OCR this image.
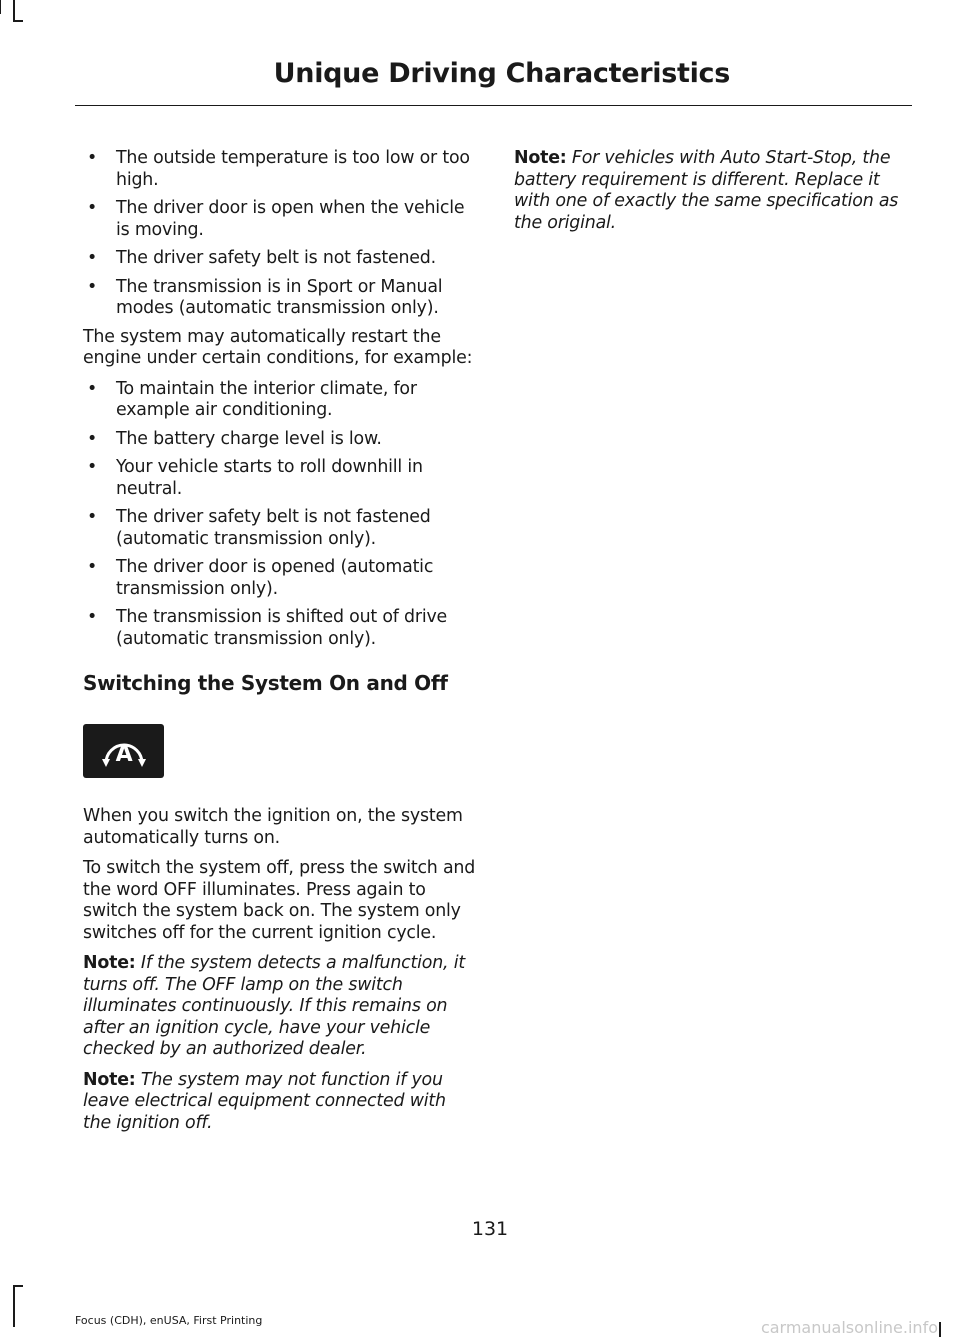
Unique Driving Characteristics
• The outside temperature is too low or too high.
• The driver door is open when the vehicle is moving.
• The driver safety belt is not fastened.
• The transmission is in Sport or Manual modes (automatic transmission only).

The system may automatically restart the engine under certain conditions, for example:

• To maintain the interior climate, for example air conditioning.
• The battery charge level is low.
• Your vehicle starts to roll downhill in neutral.
• The driver safety belt is not fastened (automatic transmission only).
• The driver door is opened (automatic transmission only).
• The transmission is shifted out of drive (automatic transmission only).
Switching the System On and Off
A

When you switch the ignition on, the system automatically turns on.

To switch the system off, press the switch and the word OFF illuminates. Press again to switch the system back on. The system only switches off for the current ignition cycle.

Note: If the system detects a malfunction, it turns off. The OFF lamp on the switch illuminates continuously. If this remains on after an ignition cycle, have your vehicle checked by an authorized dealer.

Note: The system may not function if you leave electrical equipment connected with the ignition off.

Note: For vehicles with Auto Start-Stop, the battery requirement is different. Replace it with one of exactly the same specification as the original.

131
Focus (CDH), enUSA, First Printing	carmanualsonline.info
